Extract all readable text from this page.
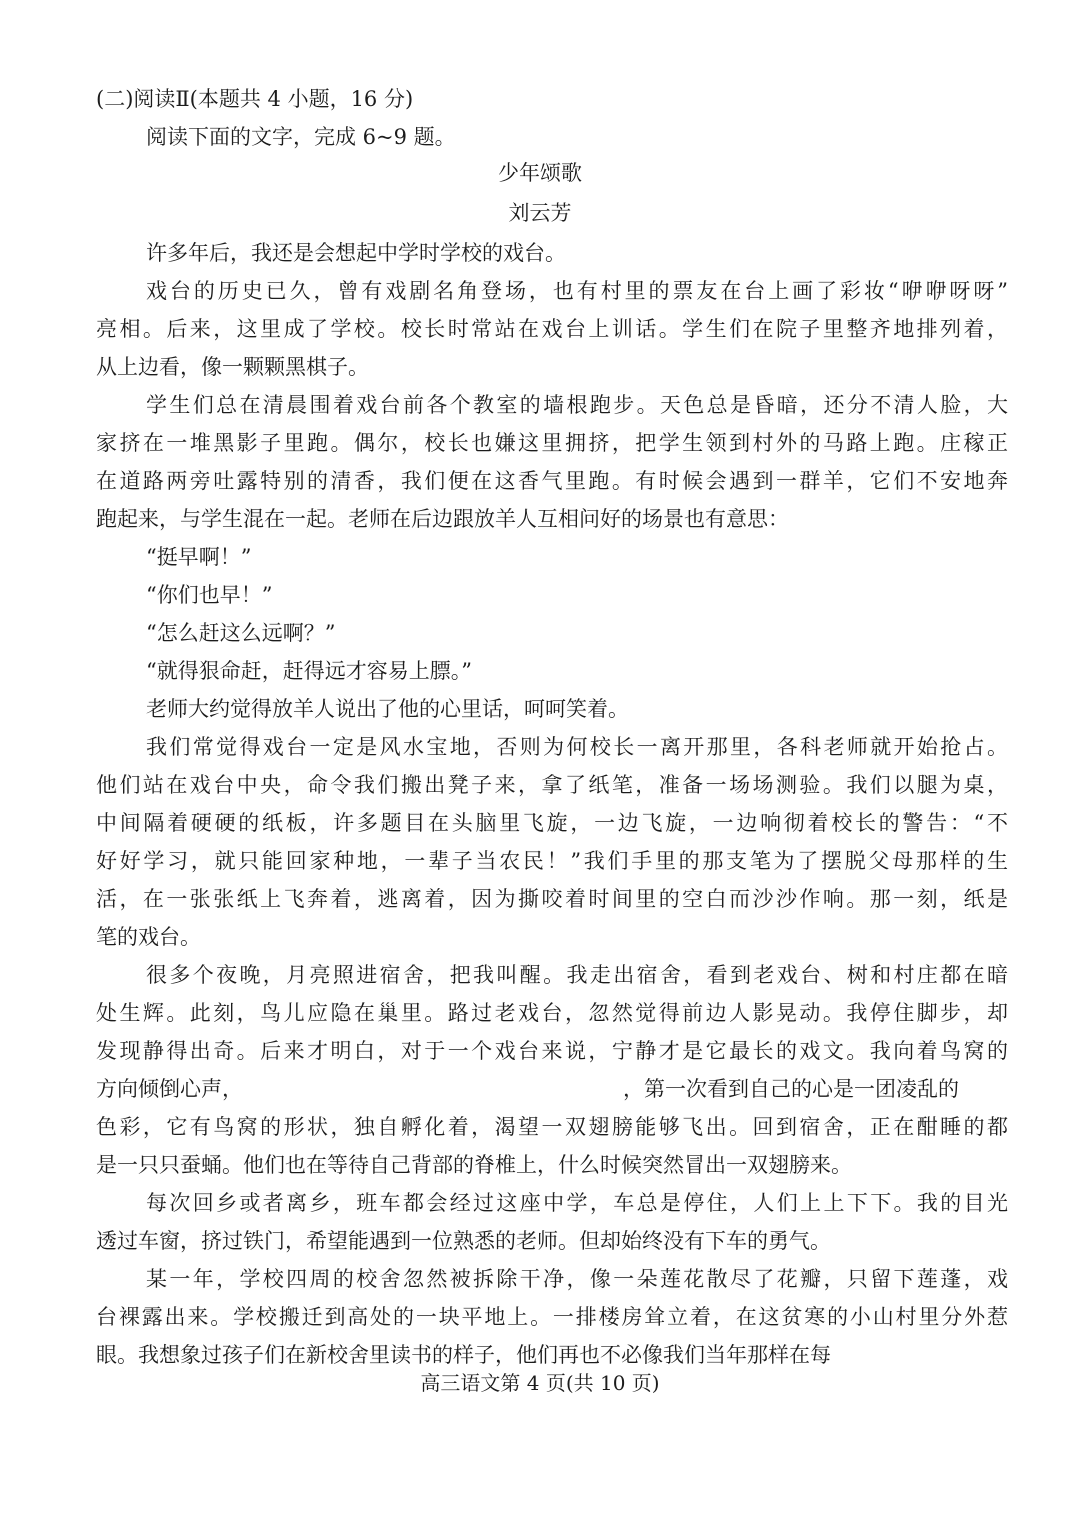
(二)阅读Ⅱ(本题共 4 小题，16 分)
阅读下面的文字，完成 6~9 题。
少年颂歌
刘云芳
许多年后，我还是会想起中学时学校的戏台。
戏台的历史已久，曾有戏剧名角登场，也有村里的票友在台上画了彩妆“咿咿呀呀”
亮相。后来，这里成了学校。校长时常站在戏台上训话。学生们在院子里整齐地排列着，
从上边看，像一颗颗黑棋子。
学生们总在清晨围着戏台前各个教室的墙根跑步。天色总是昏暗，还分不清人脸，大
家挤在一堆黑影子里跑。偶尔，校长也嫌这里拥挤，把学生领到村外的马路上跑。庄稼正
在道路两旁吐露特别的清香，我们便在这香气里跑。有时候会遇到一群羊，它们不安地奔
跑起来，与学生混在一起。老师在后边跟放羊人互相问好的场景也有意思：
“挺早啊！”
“你们也早！”
“怎么赶这么远啊？”
“就得狠命赶，赶得远才容易上膘。”
老师大约觉得放羊人说出了他的心里话，呵呵笑着。
我们常觉得戏台一定是风水宝地，否则为何校长一离开那里，各科老师就开始抢占。
他们站在戏台中央，命令我们搬出凳子来，拿了纸笔，准备一场场测验。我们以腿为桌，
中间隔着硬硬的纸板，许多题目在头脑里飞旋，一边飞旋，一边响彻着校长的警告：“不
好好学习，就只能回家种地，一辈子当农民！”我们手里的那支笔为了摆脱父母那样的生
活，在一张张纸上飞奔着，逃离着，因为撕咬着时间里的空白而沙沙作响。那一刻，纸是
笔的戏台。
很多个夜晚，月亮照进宿舍，把我叫醒。我走出宿舍，看到老戏台、树和村庄都在暗
处生辉。此刻，鸟儿应隐在巢里。路过老戏台，忽然觉得前边人影晃动。我停住脚步，却
发现静得出奇。后来才明白，对于一个戏台来说，宁静才是它最长的戏文。我向着鸟窝的
方向倾倒心声，	，第一次看到自己的心是一团凌乱的
色彩，它有鸟窝的形状，独自孵化着，渴望一双翅膀能够飞出。回到宿舍，正在酣睡的都
是一只只蚕蛹。他们也在等待自己背部的脊椎上，什么时候突然冒出一双翅膀来。
每次回乡或者离乡，班车都会经过这座中学，车总是停住，人们上上下下。我的目光
透过车窗，挤过铁门，希望能遇到一位熟悉的老师。但却始终没有下车的勇气。
某一年，学校四周的校舍忽然被拆除干净，像一朵莲花散尽了花瓣，只留下莲蓬，戏
台裸露出来。学校搬迁到高处的一块平地上。一排楼房耸立着，在这贫寒的小山村里分外惹
眼。我想象过孩子们在新校舍里读书的样子，他们再也不必像我们当年那样在每
高三语文第 4 页(共 10 页)
